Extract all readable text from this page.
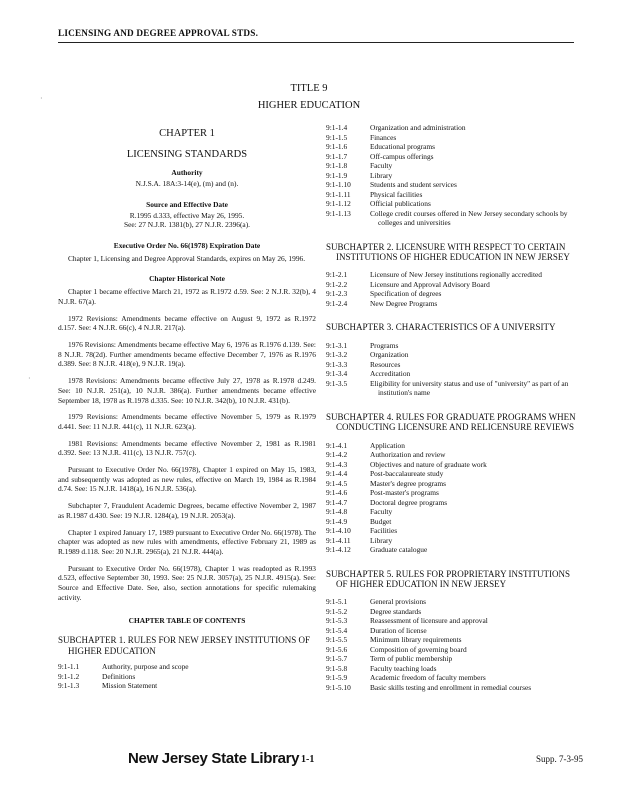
LICENSING AND DEGREE APPROVAL STDS.
TITLE 9
HIGHER EDUCATION
·
·
CHAPTER 1
LICENSING STANDARDS
Authority
N.J.S.A. 18A:3-14(e), (m) and (n).
Source and Effective Date
R.1995 d.333, effective May 26, 1995.
See: 27 N.J.R. 1381(b), 27 N.J.R. 2396(a).
Executive Order No. 66(1978) Expiration Date
Chapter 1, Licensing and Degree Approval Standards, expires on May 26, 1996.
Chapter Historical Note
Chapter 1 became effective March 21, 1972 as R.1972 d.59. See: 2 N.J.R. 32(b), 4 N.J.R. 67(a).
1972 Revisions: Amendments became effective on August 9, 1972 as R.1972 d.157. See: 4 N.J.R. 66(c), 4 N.J.R. 217(a).
1976 Revisions: Amendments became effective May 6, 1976 as R.1976 d.139. See: 8 N.J.R. 78(2d). Further amendments became effective December 7, 1976 as R.1976 d.389. See: 8 N.J.R. 418(e), 9 N.J.R. 19(a).
1978 Revisions: Amendments became effective July 27, 1978 as R.1978 d.249. See: 10 N.J.R. 251(a), 10 N.J.R. 386(a). Further amendments became effective September 18, 1978 as R.1978 d.335. See: 10 N.J.R. 342(b), 10 N.J.R. 431(b).
1979 Revisions: Amendments became effective November 5, 1979 as R.1979 d.441. See: 11 N.J.R. 441(c), 11 N.J.R. 623(a).
1981 Revisions: Amendments became effective November 2, 1981 as R.1981 d.392. See: 13 N.J.R. 411(c), 13 N.J.R. 757(c).
Pursuant to Executive Order No. 66(1978), Chapter 1 expired on May 15, 1983, and subsequently was adopted as new rules, effective on March 19, 1984 as R.1984 d.74. See: 15 N.J.R. 1418(a), 16 N.J.R. 536(a).
Subchapter 7, Fraudulent Academic Degrees, became effective November 2, 1987 as R.1987 d.430. See: 19 N.J.R. 1284(a), 19 N.J.R. 2053(a).
Chapter 1 expired January 17, 1989 pursuant to Executive Order No. 66(1978). The chapter was adopted as new rules with amendments, effective February 21, 1989 as R.1989 d.118. See: 20 N.J.R. 2965(a), 21 N.J.R. 444(a).
Pursuant to Executive Order No. 66(1978), Chapter 1 was readopted as R.1993 d.523, effective September 30, 1993. See: 25 N.J.R. 3057(a), 25 N.J.R. 4915(a). See: Source and Effective Date. See, also, section annotations for specific rulemaking activity.
CHAPTER TABLE OF CONTENTS
SUBCHAPTER 1. RULES FOR NEW JERSEY INSTITUTIONS OF HIGHER EDUCATION
9:1-1.1	Authority, purpose and scope
9:1-1.2	Definitions
9:1-1.3	Mission Statement
9:1-1.4	Organization and administration
9:1-1.5	Finances
9:1-1.6	Educational programs
9:1-1.7	Off-campus offerings
9:1-1.8	Faculty
9:1-1.9	Library
9:1-1.10	Students and student services
9:1-1.11	Physical facilities
9:1-1.12	Official publications
9:1-1.13	College credit courses offered in New Jersey secondary schools by colleges and universities
SUBCHAPTER 2. LICENSURE WITH RESPECT TO CERTAIN INSTITUTIONS OF HIGHER EDUCATION IN NEW JERSEY
9:1-2.1	Licensure of New Jersey institutions regionally accredited
9:1-2.2	Licensure and Approval Advisory Board
9:1-2.3	Specification of degrees
9:1-2.4	New Degree Programs
SUBCHAPTER 3. CHARACTERISTICS OF A UNIVERSITY
9:1-3.1	Programs
9:1-3.2	Organization
9:1-3.3	Resources
9:1-3.4	Accreditation
9:1-3.5	Eligibility for university status and use of "university" as part of an institution's name
SUBCHAPTER 4. RULES FOR GRADUATE PROGRAMS WHEN CONDUCTING LICENSURE AND RELICENSURE REVIEWS
9:1-4.1	Application
9:1-4.2	Authorization and review
9:1-4.3	Objectives and nature of graduate work
9:1-4.4	Post-baccalaureate study
9:1-4.5	Master's degree programs
9:1-4.6	Post-master's programs
9:1-4.7	Doctoral degree programs
9:1-4.8	Faculty
9:1-4.9	Budget
9:1-4.10	Facilities
9:1-4.11	Library
9:1-4.12	Graduate catalogue
SUBCHAPTER 5. RULES FOR PROPRIETARY INSTITUTIONS OF HIGHER EDUCATION IN NEW JERSEY
9:1-5.1	General provisions
9:1-5.2	Degree standards
9:1-5.3	Reassessment of licensure and approval
9:1-5.4	Duration of license
9:1-5.5	Minimum library requirements
9:1-5.6	Composition of governing board
9:1-5.7	Term of public membership
9:1-5.8	Faculty teaching loads
9:1-5.9	Academic freedom of faculty members
9:1-5.10	Basic skills testing and enrollment in remedial courses
New Jersey State Library 1-1	Supp. 7-3-95
